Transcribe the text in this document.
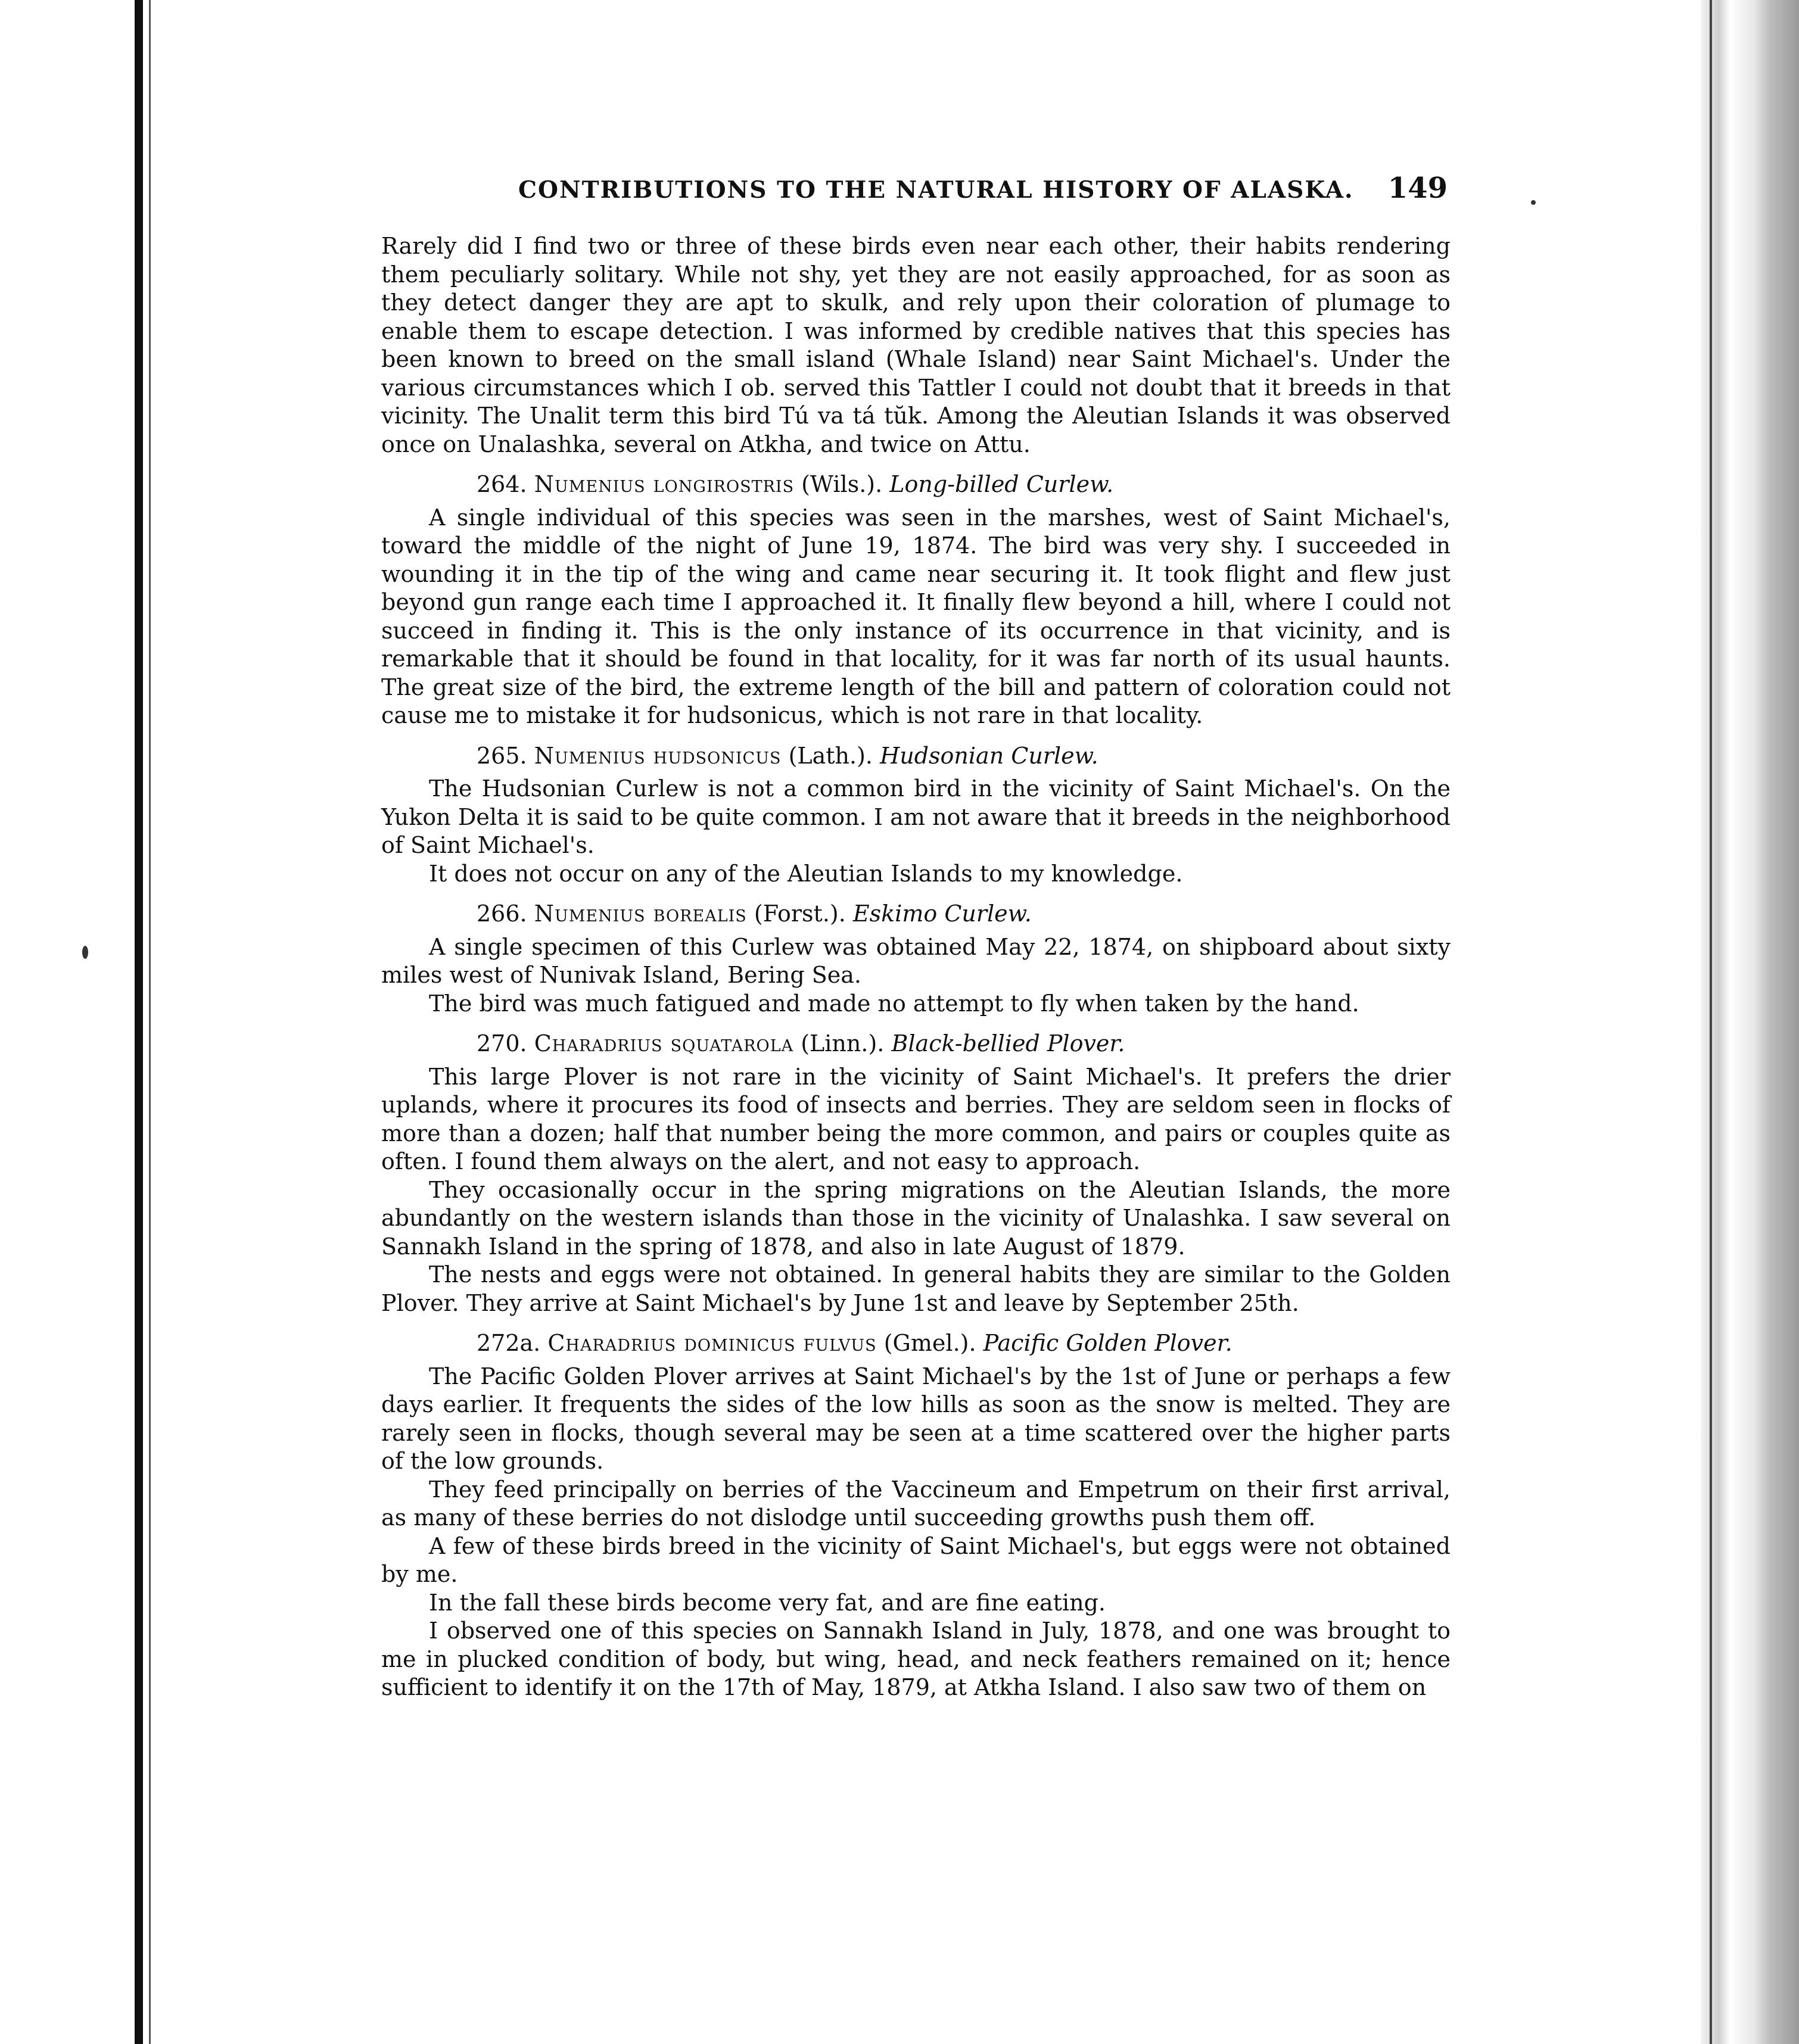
CONTRIBUTIONS TO THE NATURAL HISTORY OF ALASKA. 149

Rarely did I find two or three of these birds even near each other, their habits rendering them peculiarly solitary. While not shy, yet they are not easily approached, for as soon as they detect danger they are apt to skulk, and rely upon their coloration of plumage to enable them to escape detection. I was informed by credible natives that this species has been known to breed on the small island (Whale Island) near Saint Michael's. Under the various circumstances which I ob. served this Tattler I could not doubt that it breeds in that vicinity. The Unalit term this bird Tú va tá tŭk. Among the Aleutian Islands it was observed once on Unalashka, several on Atkha, and twice on Attu.

264. Numenius longirostris (Wils.). Long-billed Curlew.

A single individual of this species was seen in the marshes, west of Saint Michael's, toward the middle of the night of June 19, 1874. The bird was very shy. I succeeded in wounding it in the tip of the wing and came near securing it. It took flight and flew just beyond gun range each time I approached it. It finally flew beyond a hill, where I could not succeed in finding it. This is the only instance of its occurrence in that vicinity, and is remarkable that it should be found in that locality, for it was far north of its usual haunts. The great size of the bird, the extreme length of the bill and pattern of coloration could not cause me to mistake it for hudsonicus, which is not rare in that locality.

265. Numenius hudsonicus (Lath.). Hudsonian Curlew.

The Hudsonian Curlew is not a common bird in the vicinity of Saint Michael's. On the Yukon Delta it is said to be quite common. I am not aware that it breeds in the neighborhood of Saint Michael's.

It does not occur on any of the Aleutian Islands to my knowledge.

266. Numenius borealis (Forst.). Eskimo Curlew.

A single specimen of this Curlew was obtained May 22, 1874, on shipboard about sixty miles west of Nunivak Island, Bering Sea.

The bird was much fatigued and made no attempt to fly when taken by the hand.

270. Charadrius squatarola (Linn.). Black-bellied Plover.

This large Plover is not rare in the vicinity of Saint Michael's. It prefers the drier uplands, where it procures its food of insects and berries. They are seldom seen in flocks of more than a dozen; half that number being the more common, and pairs or couples quite as often. I found them always on the alert, and not easy to approach.

They occasionally occur in the spring migrations on the Aleutian Islands, the more abundantly on the western islands than those in the vicinity of Unalashka. I saw several on Sannakh Island in the spring of 1878, and also in late August of 1879.

The nests and eggs were not obtained. In general habits they are similar to the Golden Plover. They arrive at Saint Michael's by June 1st and leave by September 25th.

272a. Charadrius dominicus fulvus (Gmel.). Pacific Golden Plover.

The Pacific Golden Plover arrives at Saint Michael's by the 1st of June or perhaps a few days earlier. It frequents the sides of the low hills as soon as the snow is melted. They are rarely seen in flocks, though several may be seen at a time scattered over the higher parts of the low grounds.

They feed principally on berries of the Vaccineum and Empetrum on their first arrival, as many of these berries do not dislodge until succeeding growths push them off.

A few of these birds breed in the vicinity of Saint Michael's, but eggs were not obtained by me.

In the fall these birds become very fat, and are fine eating.

I observed one of this species on Sannakh Island in July, 1878, and one was brought to me in plucked condition of body, but wing, head, and neck feathers remained on it; hence sufficient to identify it on the 17th of May, 1879, at Atkha Island. I also saw two of them on
